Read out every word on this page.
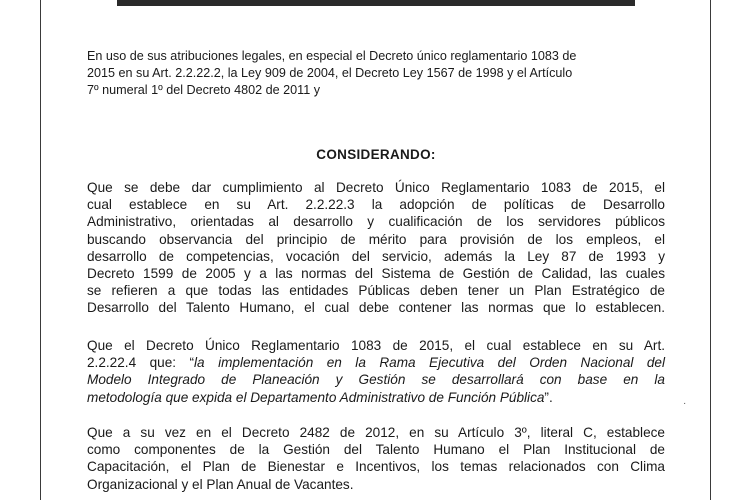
En uso de sus atribuciones legales, en especial el Decreto único reglamentario 1083 de
2015 en su Art. 2.2.22.2, la Ley 909 de 2004, el Decreto Ley 1567 de 1998 y el Artículo
7º numeral 1º del Decreto 4802 de 2011 y
CONSIDERANDO:
Que se debe dar cumplimiento al Decreto Único Reglamentario 1083 de 2015, el
cual establece en su Art. 2.2.22.3 la adopción de políticas de Desarrollo
Administrativo, orientadas al desarrollo y cualificación de los servidores públicos
buscando observancia del principio de mérito para provisión de los empleos, el
desarrollo de competencias, vocación del servicio, además la Ley 87 de 1993 y
Decreto 1599 de 2005 y a las normas del Sistema de Gestión de Calidad, las cuales
se refieren a que todas las entidades Públicas deben tener un Plan Estratégico de
Desarrollo del Talento Humano, el cual debe contener las normas que lo establecen.
Que el Decreto Único Reglamentario 1083 de 2015, el cual establece en su Art.
2.2.22.4 que: “la implementación en la Rama Ejecutiva del Orden Nacional del
Modelo Integrado de Planeación y Gestión se desarrollará con base en la
metodología que expida el Departamento Administrativo de Función Pública”.	·
Que a su vez en el Decreto 2482 de 2012, en su Artículo 3º, literal C, establece
como componentes de la Gestión del Talento Humano el Plan Institucional de
Capacitación, el Plan de Bienestar e Incentivos, los temas relacionados con Clima
Organizacional y el Plan Anual de Vacantes.
